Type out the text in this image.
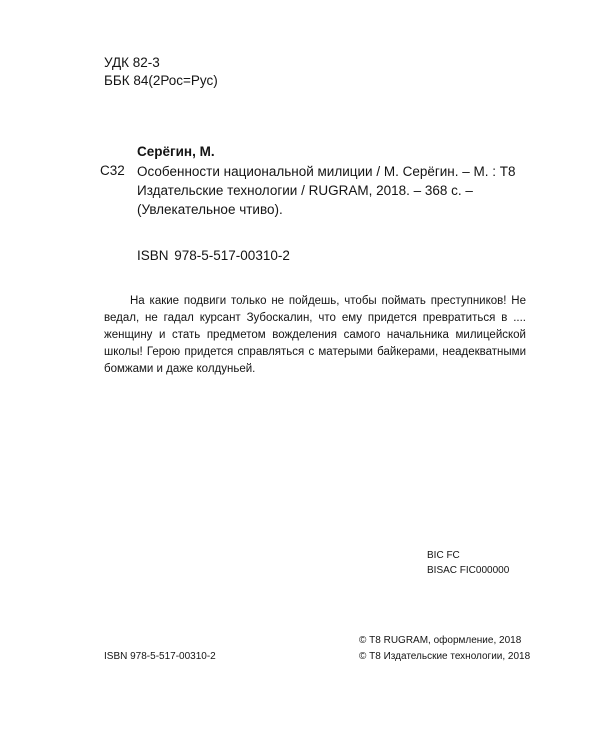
УДК 82-3
ББК 84(2Рос=Рус)
Серёгин, М.
С32 Особенности национальной милиции / М. Серёгин. – М. : Т8 Издательские технологии / RUGRAM, 2018. – 368 с. – (Увлекательное чтиво).

ISBN 978-5-517-00310-2

На какие подвиги только не пойдешь, чтобы поймать преступников! Не ведал, не гадал курсант Зубоскалин, что ему придется превратиться в .... женщину и стать предметом вожделения самого начальника милицейской школы! Герою придется справляться с матерыми байкерами, неадекватными бомжами и даже колдуньей.

BIC FC
BISAC FIC000000
© Т8 RUGRAM, оформление, 2018
ISBN 978-5-517-00310-2	© Т8 Издательские технологии, 2018
